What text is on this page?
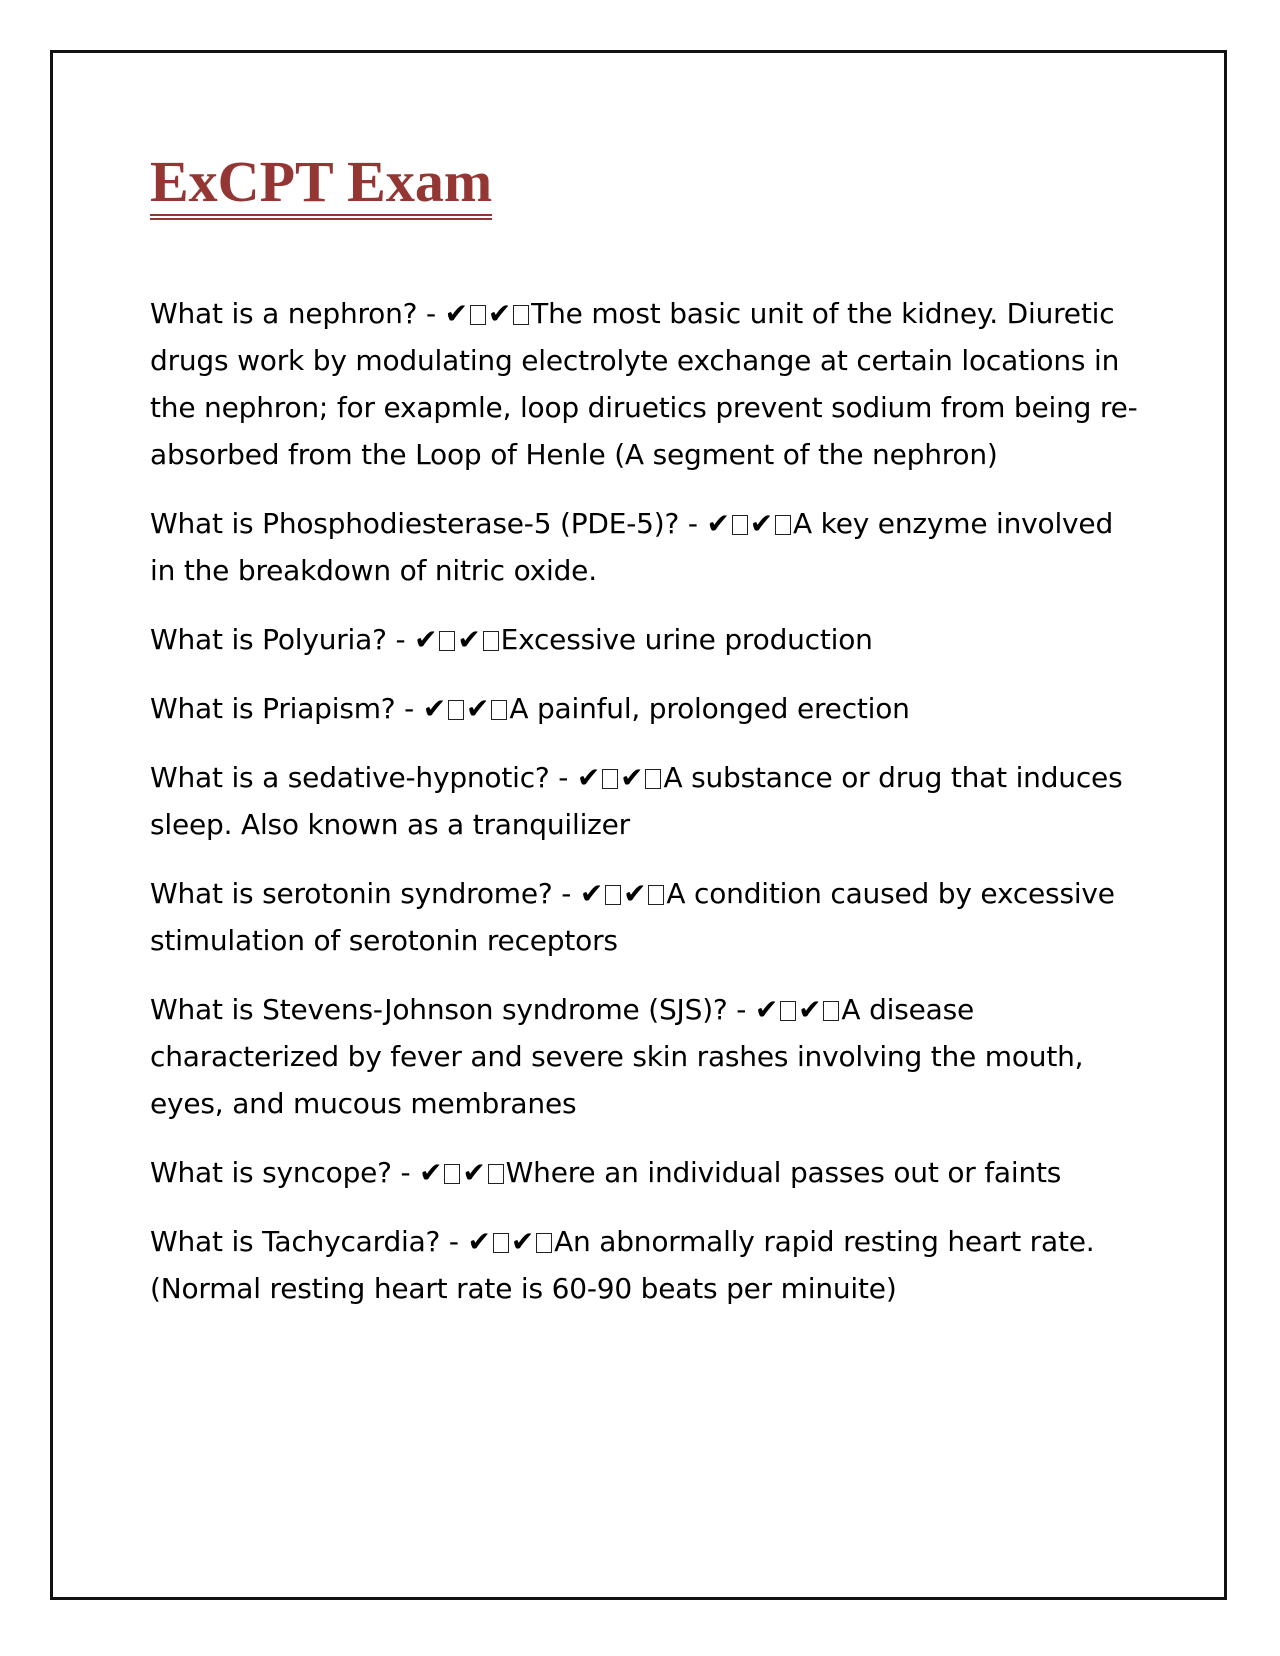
ExCPT Exam

What is a nephron? - ✔ ✔ The most basic unit of the kidney. Diuretic drugs work by modulating electrolyte exchange at certain locations in the nephron; for exapmle, loop diruetics prevent sodium from being re-absorbed from the Loop of Henle (A segment of the nephron)

What is Phosphodiesterase-5 (PDE-5)? - ✔ ✔ A key enzyme involved in the breakdown of nitric oxide.

What is Polyuria? - ✔ ✔ Excessive urine production

What is Priapism? - ✔ ✔ A painful, prolonged erection

What is a sedative-hypnotic? - ✔ ✔ A substance or drug that induces sleep. Also known as a tranquilizer

What is serotonin syndrome? - ✔ ✔ A condition caused by excessive stimulation of serotonin receptors

What is Stevens-Johnson syndrome (SJS)? - ✔ ✔ A disease characterized by fever and severe skin rashes involving the mouth, eyes, and mucous membranes

What is syncope? - ✔ ✔ Where an individual passes out or faints

What is Tachycardia? - ✔ ✔ An abnormally rapid resting heart rate. (Normal resting heart rate is 60-90 beats per minuite)
